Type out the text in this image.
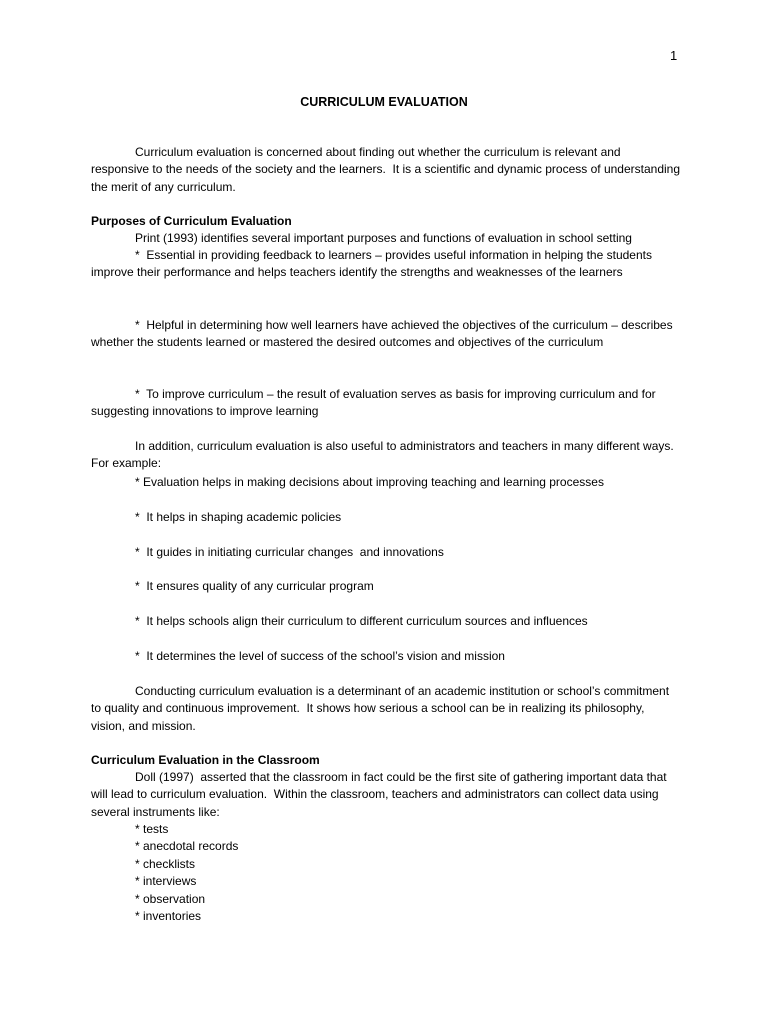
1
CURRICULUM EVALUATION
Curriculum evaluation is concerned about finding out whether the curriculum is relevant and responsive to the needs of the society and the learners.  It is a scientific and dynamic process of understanding the merit of any curriculum.
Purposes of Curriculum Evaluation
Print (1993) identifies several important purposes and functions of evaluation in school setting
*  Essential in providing feedback to learners – provides useful information in helping the students improve their performance and helps teachers identify the strengths and weaknesses of the learners
*  Helpful in determining how well learners have achieved the objectives of the curriculum – describes whether the students learned or mastered the desired outcomes and objectives of the curriculum
*  To improve curriculum – the result of evaluation serves as basis for improving curriculum and for suggesting innovations to improve learning
In addition, curriculum evaluation is also useful to administrators and teachers in many different ways.  For example:
* Evaluation helps in making decisions about improving teaching and learning processes
*  It helps in shaping academic policies
*  It guides in initiating curricular changes  and innovations
*  It ensures quality of any curricular program
*  It helps schools align their curriculum to different curriculum sources and influences
*  It determines the level of success of the school’s vision and mission
Conducting curriculum evaluation is a determinant of an academic institution or school’s commitment to quality and continuous improvement.  It shows how serious a school can be in realizing its philosophy, vision, and mission.
Curriculum Evaluation in the Classroom
Doll (1997)  asserted that the classroom in fact could be the first site of gathering important data that will lead to curriculum evaluation.  Within the classroom, teachers and administrators can collect data using several instruments like:
* tests
* anecdotal records
* checklists
* interviews
* observation
* inventories
